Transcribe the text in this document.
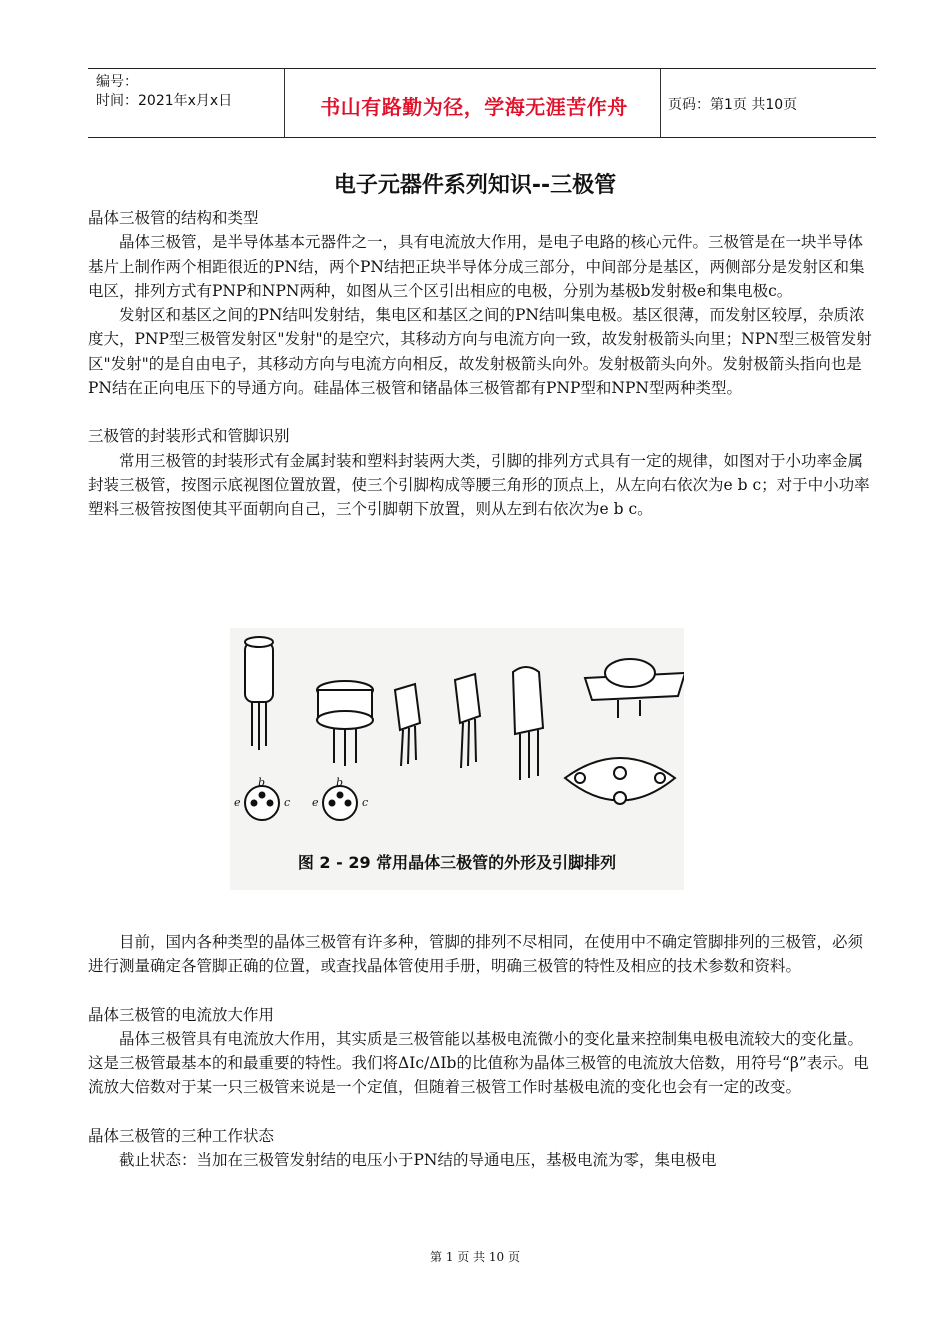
编号：
时间：2021年x月x日	书山有路勤为径，学海无涯苦作舟	页码：第1页 共10页
电子元器件系列知识--三极管

晶体三极管的结构和类型

晶体三极管，是半导体基本元器件之一，具有电流放大作用，是电子电路的核心元件。三极管是在一块半导体基片上制作两个相距很近的PN结，两个PN结把正块半导体分成三部分，中间部分是基区，两侧部分是发射区和集电区，排列方式有PNP和NPN两种，如图从三个区引出相应的电极，分别为基极b发射极e和集电极c。

发射区和基区之间的PN结叫发射结，集电区和基区之间的PN结叫集电极。基区很薄，而发射区较厚，杂质浓度大，PNP型三极管发射区"发射"的是空穴，其移动方向与电流方向一致，故发射极箭头向里；NPN型三极管发射区"发射"的是自由电子，其移动方向与电流方向相反，故发射极箭头向外。发射极箭头向外。发射极箭头指向也是PN结在正向电压下的导通方向。硅晶体三极管和锗晶体三极管都有PNP型和NPN型两种类型。

三极管的封装形式和管脚识别

常用三极管的封装形式有金属封装和塑料封装两大类，引脚的排列方式具有一定的规律，如图对于小功率金属封装三极管，按图示底视图位置放置，使三个引脚构成等腰三角形的顶点上，从左向右依次为e b c；对于中小功率塑料三极管按图使其平面朝向自己，三个引脚朝下放置，则从左到右依次为e b c。

e
b
c e
b
c
图 2 - 29 常用晶体三极管的外形及引脚排列

目前，国内各种类型的晶体三极管有许多种，管脚的排列不尽相同，在使用中不确定管脚排列的三极管，必须进行测量确定各管脚正确的位置，或查找晶体管使用手册，明确三极管的特性及相应的技术参数和资料。

晶体三极管的电流放大作用

晶体三极管具有电流放大作用，其实质是三极管能以基极电流微小的变化量来控制集电极电流较大的变化量。这是三极管最基本的和最重要的特性。我们将ΔIc/ΔIb的比值称为晶体三极管的电流放大倍数，用符号“β”表示。电流放大倍数对于某一只三极管来说是一个定值，但随着三极管工作时基极电流的变化也会有一定的改变。

晶体三极管的三种工作状态

截止状态：当加在三极管发射结的电压小于PN结的导通电压，基极电流为零，集电极电

第 1 页 共 10 页
